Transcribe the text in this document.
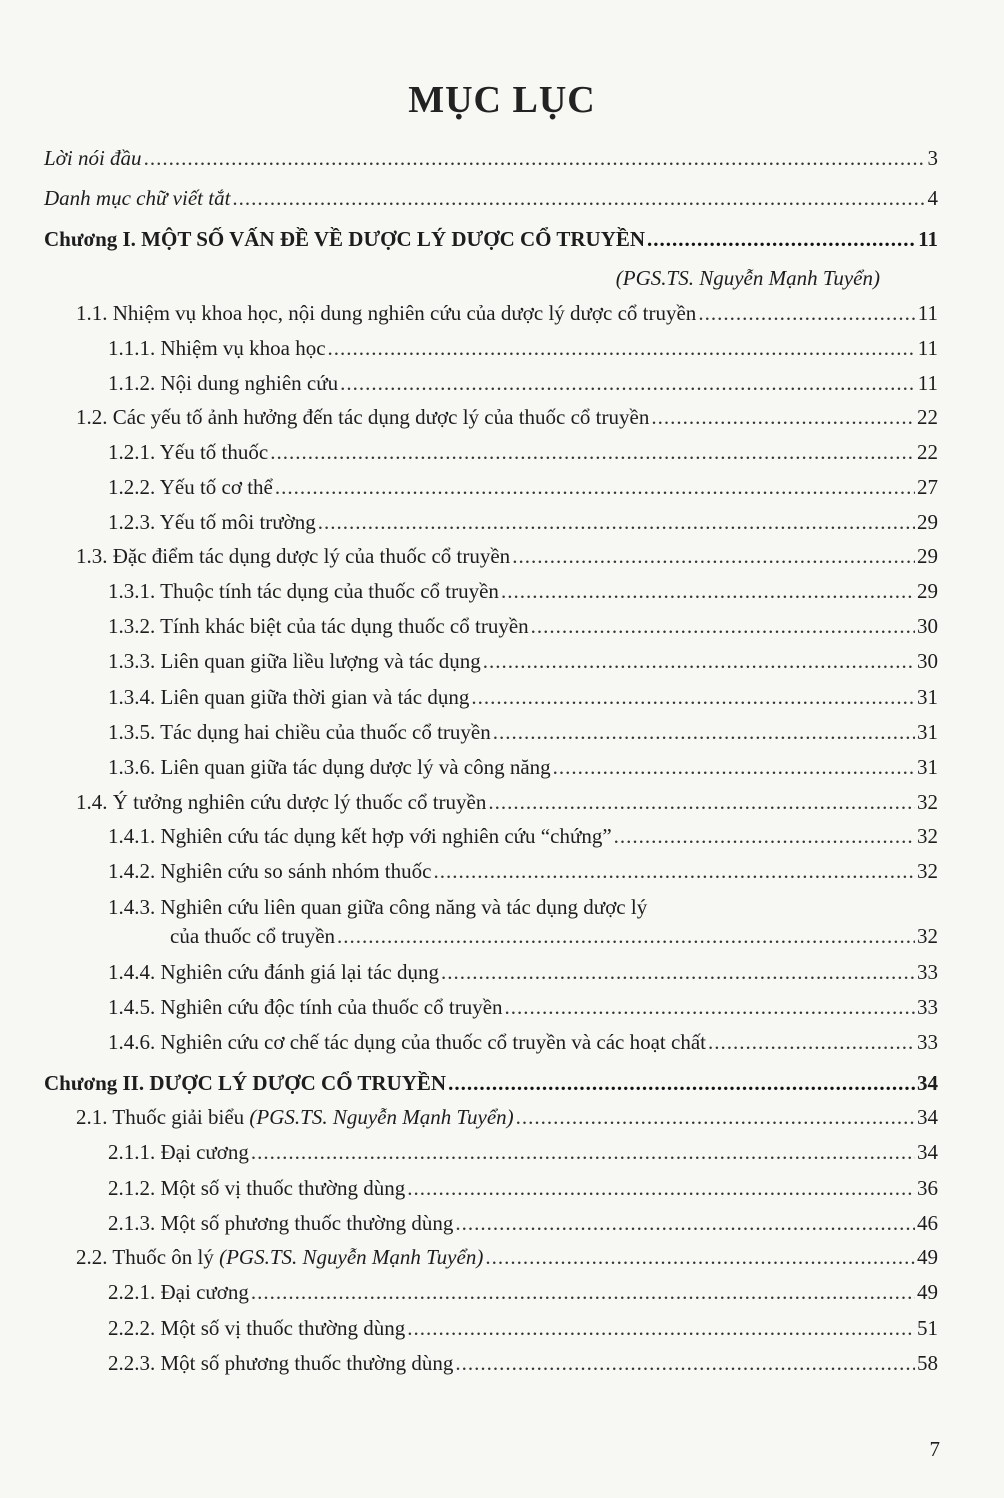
MỤC LỤC
Lời nói đầu .....	3
Danh mục chữ viết tắt .....	4
Chương I. MỘT SỐ VẤN ĐỀ VỀ DƯỢC LÝ DƯỢC CỔ TRUYỀN .....	11
(PGS.TS. Nguyễn Mạnh Tuyển)
1.1. Nhiệm vụ khoa học, nội dung nghiên cứu của dược lý dược cổ truyền .....	11
1.1.1. Nhiệm vụ khoa học .....	11
1.1.2. Nội dung nghiên cứu .....	11
1.2. Các yếu tố ảnh hưởng đến tác dụng dược lý của thuốc cổ truyền .....	22
1.2.1. Yếu tố thuốc .....	22
1.2.2. Yếu tố cơ thể .....	27
1.2.3. Yếu tố môi trường .....	29
1.3. Đặc điểm tác dụng dược lý của thuốc cổ truyền .....	29
1.3.1. Thuộc tính tác dụng của thuốc cổ truyền .....	29
1.3.2. Tính khác biệt của tác dụng thuốc cổ truyền .....	30
1.3.3. Liên quan giữa liều lượng và tác dụng .....	30
1.3.4. Liên quan giữa thời gian và tác dụng .....	31
1.3.5. Tác dụng hai chiều của thuốc cổ truyền .....	31
1.3.6. Liên quan giữa tác dụng dược lý và công năng .....	31
1.4. Ý tưởng nghiên cứu dược lý thuốc cổ truyền .....	32
1.4.1. Nghiên cứu tác dụng kết hợp với nghiên cứu “chứng” .....	32
1.4.2. Nghiên cứu so sánh nhóm thuốc .....	32
1.4.3. Nghiên cứu liên quan giữa công năng và tác dụng dược lý
của thuốc cổ truyền .....	32
1.4.4. Nghiên cứu đánh giá lại tác dụng .....	33
1.4.5. Nghiên cứu độc tính của thuốc cổ truyền .....	33
1.4.6. Nghiên cứu cơ chế tác dụng của thuốc cổ truyền và các hoạt chất .....	33
Chương II. DƯỢC LÝ DƯỢC CỔ TRUYỀN .....	34
2.1. Thuốc giải biểu (PGS.TS. Nguyễn Mạnh Tuyển) .....	34
2.1.1. Đại cương .....	34
2.1.2. Một số vị thuốc thường dùng .....	36
2.1.3. Một số phương thuốc thường dùng .....	46
2.2. Thuốc ôn lý (PGS.TS. Nguyễn Mạnh Tuyển) .....	49
2.2.1. Đại cương .....	49
2.2.2. Một số vị thuốc thường dùng .....	51
2.2.3. Một số phương thuốc thường dùng .....	58
7
